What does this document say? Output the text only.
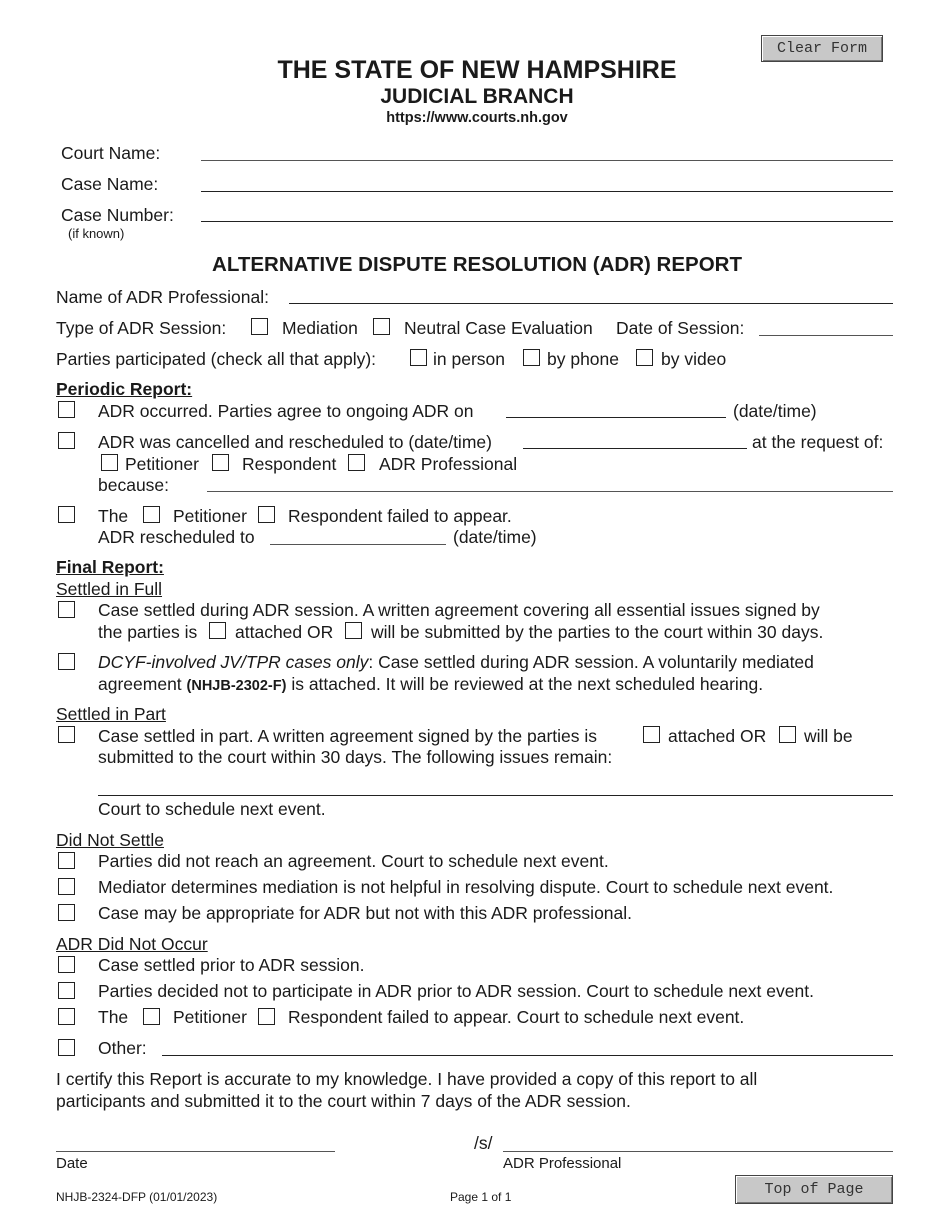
Clear Form
THE STATE OF NEW HAMPSHIRE
JUDICIAL BRANCH
https://www.courts.nh.gov
Court Name:
Case Name:
Case Number:
(if known)
ALTERNATIVE DISPUTE RESOLUTION (ADR) REPORT
Name of ADR Professional:
Type of ADR Session:	Mediation	Neutral Case Evaluation Date of Session:
Parties participated (check all that apply):	in person by phone by video
Periodic Report:
ADR occurred. Parties agree to ongoing ADR on	(date/time)
ADR was cancelled and rescheduled to (date/time)	at the request of:
Petitioner Respondent ADR Professional
because:
The	Petitioner Respondent failed to appear.
ADR rescheduled to	(date/time)
Final Report:
Settled in Full
Case settled during ADR session. A written agreement covering all essential issues signed by
the parties is attached OR will be submitted by the parties to the court within 30 days.
DCYF-involved JV/TPR cases only: Case settled during ADR session. A voluntarily mediated
agreement (NHJB-2302-F) is attached. It will be reviewed at the next scheduled hearing.
Settled in Part
Case settled in part. A written agreement signed by the parties is	attached OR will be
submitted to the court within 30 days. The following issues remain:
Court to schedule next event.
Did Not Settle
Parties did not reach an agreement. Court to schedule next event.
Mediator determines mediation is not helpful in resolving dispute. Court to schedule next event.
Case may be appropriate for ADR but not with this ADR professional.
ADR Did Not Occur
Case settled prior to ADR session.
Parties decided not to participate in ADR prior to ADR session. Court to schedule next event.
The	Petitioner Respondent failed to appear. Court to schedule next event.
Other:
I certify this Report is accurate to my knowledge. I have provided a copy of this report to all
participants and submitted it to the court within 7 days of the ADR session.
/s/
Date	ADR Professional
NHJB-2324-DFP (01/01/2023)	Page 1 of 1	Top of Page
